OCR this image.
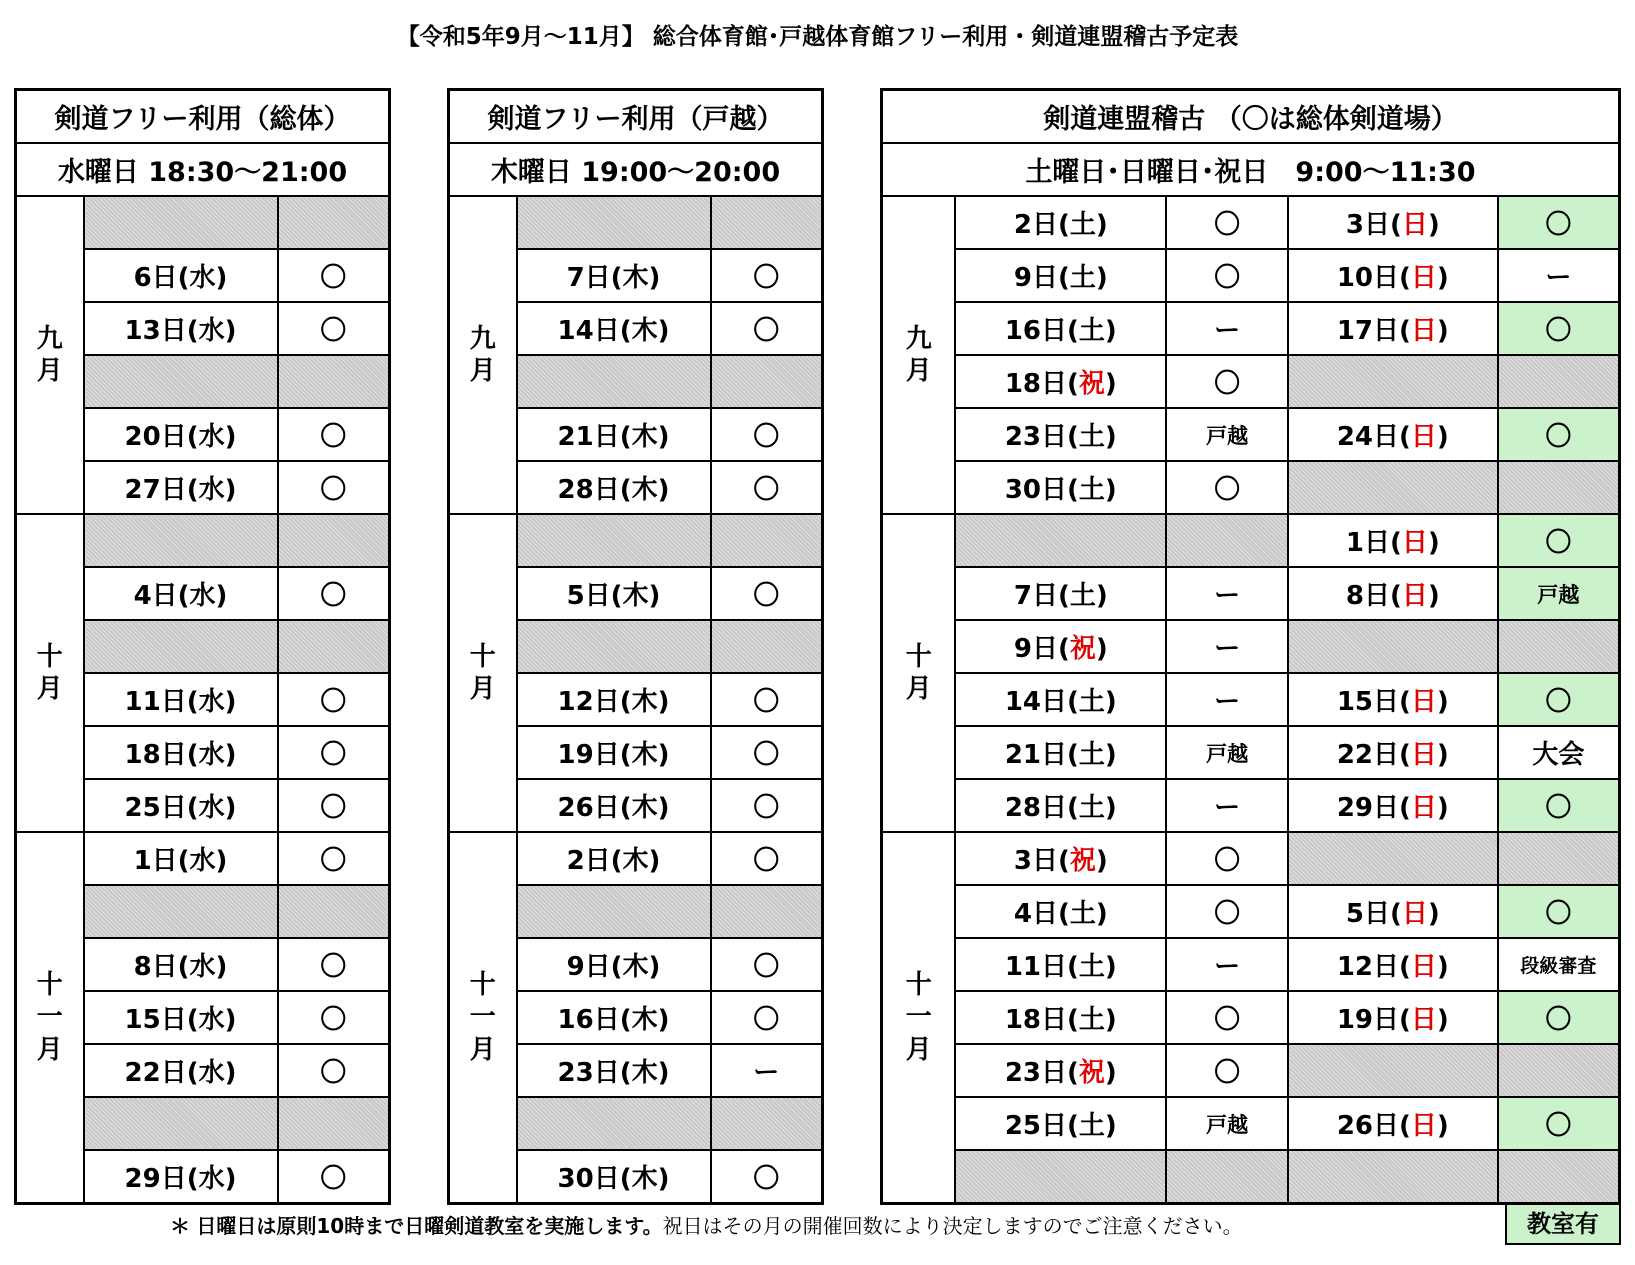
【令和5年9月～11月】 総合体育館･戸越体育館フリー利用・剣道連盟稽古予定表
剣道フリー利用（総体）		
水曜日 18:30～21:00		
九
月		
	6日(水)	〇
	13日(水)	〇

	20日(水)	〇
	27日(水)	〇
十
月		
	4日(水)	〇

	11日(水)	〇
	18日(水)	〇
	25日(水)	〇
十
一
月	1日(水)	〇

	8日(水)	〇
	15日(水)	〇
	22日(水)	〇

	29日(水)	〇
剣道フリー利用（戸越）		
木曜日 19:00～20:00		
九
月		
	7日(木)	〇
	14日(木)	〇

	21日(木)	〇
	28日(木)	〇
十
月		
	5日(木)	〇

	12日(木)	〇
	19日(木)	〇
	26日(木)	〇
十
一
月	2日(木)	〇

	9日(木)	〇
	16日(木)	〇
	23日(木)	ー

	30日(木)	〇
剣道連盟稽古 （〇は総体剣道場）				
土曜日･日曜日･祝日　9:00～11:30				
九
月	2日(土)	〇	3日(日)	〇
	9日(土)	〇	10日(日)	ー
	16日(土)	ー	17日(日)	〇
	18日(祝)	〇		
	23日(土)	戸越	24日(日)	〇
	30日(土)	〇		
十
月			1日(日)	〇
	7日(土)	ー	8日(日)	戸越
	9日(祝)	ー		
	14日(土)	ー	15日(日)	〇
	21日(土)	戸越	22日(日)	大会
	28日(土)	ー	29日(日)	〇
十
一
月	3日(祝)	〇		
	4日(土)	〇	5日(日)	〇
	11日(土)	ー	12日(日)	段級審査
	18日(土)	〇	19日(日)	〇
	23日(祝)	〇		
	25日(土)	戸越	26日(日)	〇

＊ 日曜日は原則10時まで日曜剣道教室を実施します。祝日はその月の開催回数により決定しますのでご注意ください。	教室有
